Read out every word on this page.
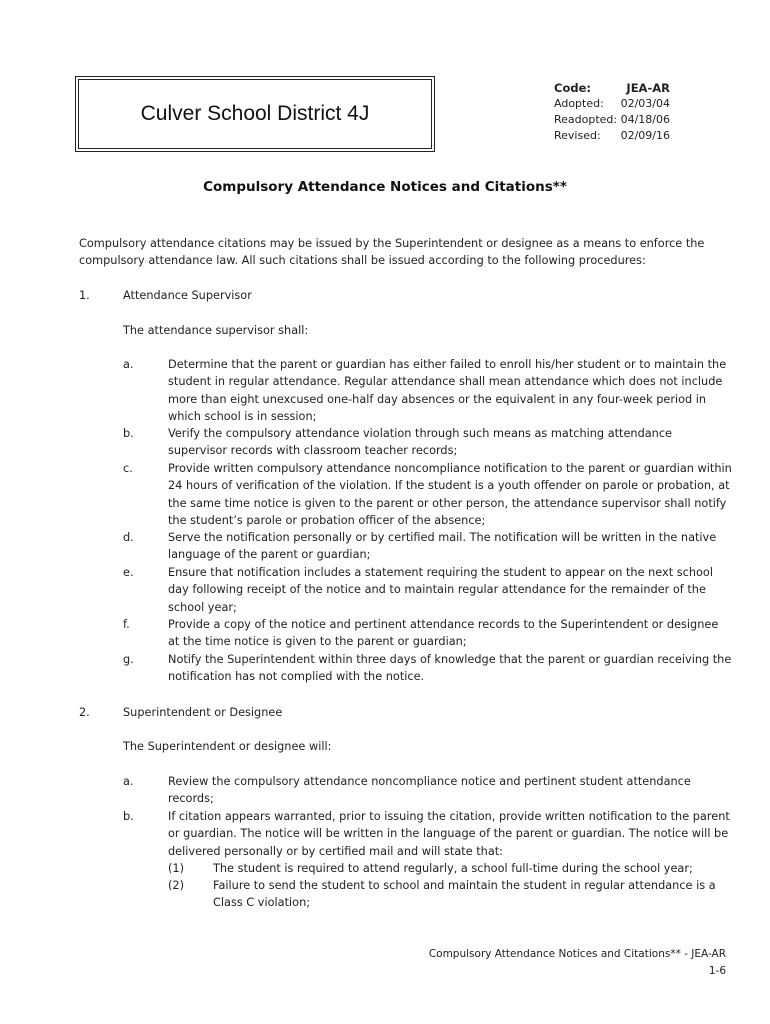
Culver School District 4J
Code:	JEA-AR
Adopted:	02/03/04
Readopted: 04/18/06
Revised:	02/09/16
Compulsory Attendance Notices and Citations**
Compulsory attendance citations may be issued by the Superintendent or designee as a means to enforce the compulsory attendance law. All such citations shall be issued according to the following procedures:
1.	Attendance Supervisor
The attendance supervisor shall:
a.	Determine that the parent or guardian has either failed to enroll his/her student or to maintain the student in regular attendance. Regular attendance shall mean attendance which does not include more than eight unexcused one-half day absences or the equivalent in any four-week period in which school is in session;
b.	Verify the compulsory attendance violation through such means as matching attendance supervisor records with classroom teacher records;
c.	Provide written compulsory attendance noncompliance notification to the parent or guardian within 24 hours of verification of the violation. If the student is a youth offender on parole or probation, at the same time notice is given to the parent or other person, the attendance supervisor shall notify the student’s parole or probation officer of the absence;
d.	Serve the notification personally or by certified mail. The notification will be written in the native language of the parent or guardian;
e.	Ensure that notification includes a statement requiring the student to appear on the next school day following receipt of the notice and to maintain regular attendance for the remainder of the school year;
f.	Provide a copy of the notice and pertinent attendance records to the Superintendent or designee at the time notice is given to the parent or guardian;
g.	Notify the Superintendent within three days of knowledge that the parent or guardian receiving the notification has not complied with the notice.
2.	Superintendent or Designee
The Superintendent or designee will:
a.	Review the compulsory attendance noncompliance notice and pertinent student attendance records;
b.	If citation appears warranted, prior to issuing the citation, provide written notification to the parent or guardian. The notice will be written in the language of the parent or guardian. The notice will be delivered personally or by certified mail and will state that:
(1)	The student is required to attend regularly, a school full-time during the school year;
(2)	Failure to send the student to school and maintain the student in regular attendance is a Class C violation;
Compulsory Attendance Notices and Citations** - JEA-AR
1-6
